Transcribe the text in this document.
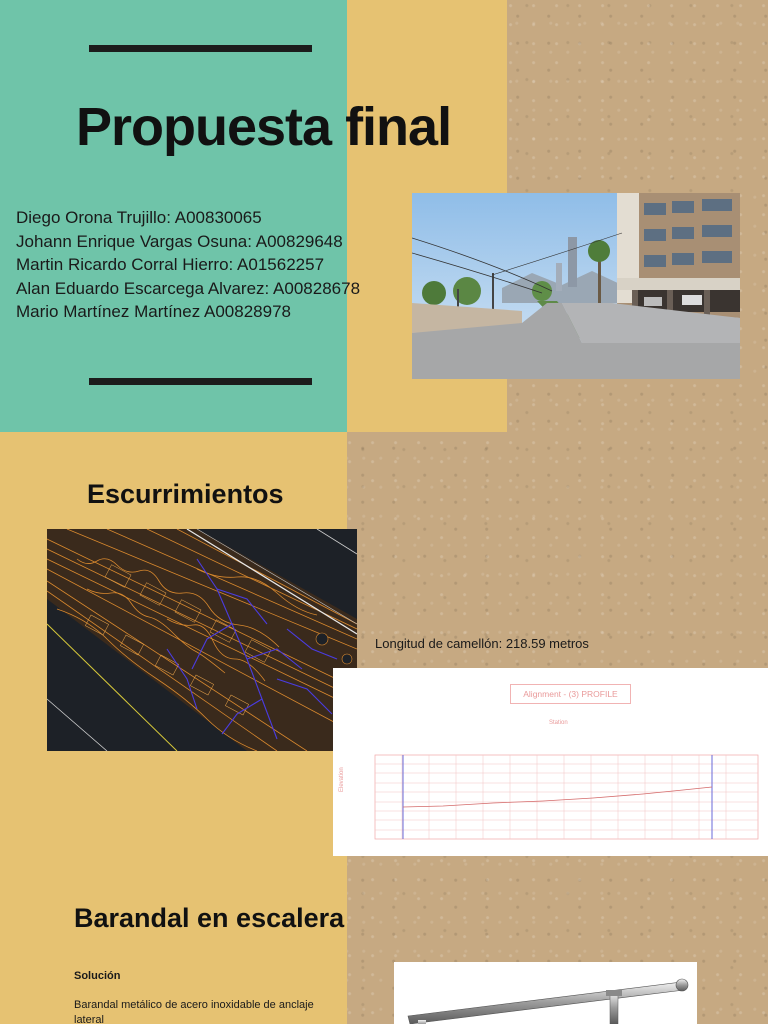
Propuesta final
Diego Orona Trujillo: A00830065
Johann Enrique Vargas Osuna: A00829648
Martin Ricardo Corral Hierro: A01562257
Alan Eduardo Escarcega Alvarez: A00828678
Mario Martínez Martínez A00828978
Escurrimientos

Longitud de camellón: 218.59 metros

Alignment - (3) PROFILE
Station
Elevation
Barandal en escalera

Solución

Barandal metálico de acero inoxidable de anclaje lateral
